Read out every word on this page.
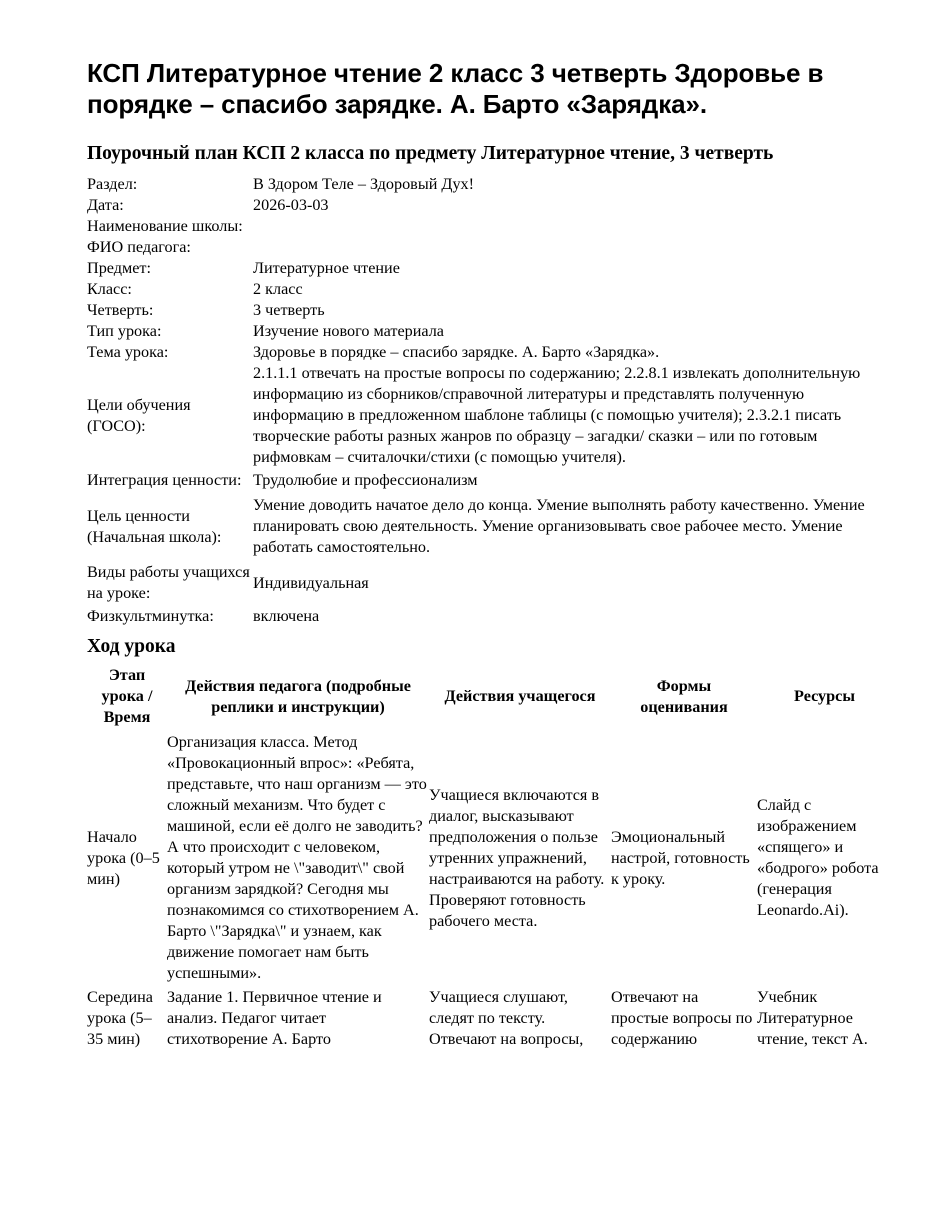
КСП Литературное чтение 2 класс 3 четверть Здоровье в порядке – спасибо зарядке. А. Барто «Зарядка».
Поурочный план КСП 2 класса по предмету Литературное чтение, 3 четверть
Раздел:	В Здором Теле – Здоровый Дух!
Дата:	2026-03-03
Наименование школы:	
ФИО педагога:	
Предмет:	Литературное чтение
Класс:	2 класс
Четверть:	3 четверть
Тип урока:	Изучение нового материала
Тема урока:	Здоровье в порядке – спасибо зарядке. А. Барто «Зарядка».
Цели обучения (ГОСО):	2.1.1.1 отвечать на простые вопросы по содержанию; 2.2.8.1 извлекать дополнительную информацию из сборников/справочной литературы и представлять полученную информацию в предложенном шаблоне таблицы (с помощью учителя); 2.3.2.1 писать творческие работы разных жанров по образцу – загадки/ сказки – или по готовым рифмовкам – считалочки/стихи (с помощью учителя).
Интеграция ценности:	Трудолюбие и профессионализм
Цель ценности (Начальная школа):	Умение доводить начатое дело до конца. Умение выполнять работу качественно. Умение планировать свою деятельность. Умение организовывать свое рабочее место. Умение работать самостоятельно.
Виды работы учащихся на уроке:	Индивидуальная
Физкультминутка:	включена
Ход урока
Этап урока / Время	Действия педагога (подробные реплики и инструкции)	Действия учащегося	Формы оценивания	Ресурсы
Начало урока (0–5 мин)	Организация класса. Метод «Провокационный впрос»: «Ребята, представьте, что наш организм — это сложный механизм. Что будет с машиной, если её долго не заводить? А что происходит с человеком, который утром не \"заводит\" свой организм зарядкой? Сегодня мы познакомимся со стихотворением А. Барто \"Зарядка\" и узнаем, как движение помогает нам быть успешными».	Учащиеся включаются в диалог, высказывают предположения о пользе утренних упражнений, настраиваются на работу. Проверяют готовность рабочего места.	Эмоциональный настрой, готовность к уроку.	Слайд с изображением «спящего» и «бодрого» робота (генерация Leonardo.Ai).
Середина урока (5–35 мин)	Задание 1. Первичное чтение и анализ. Педагог читает стихотворение А. Барто	Учащиеся слушают, следят по тексту. Отвечают на вопросы,	Отвечают на простые вопросы по содержанию	Учебник Литературное чтение, текст А.
